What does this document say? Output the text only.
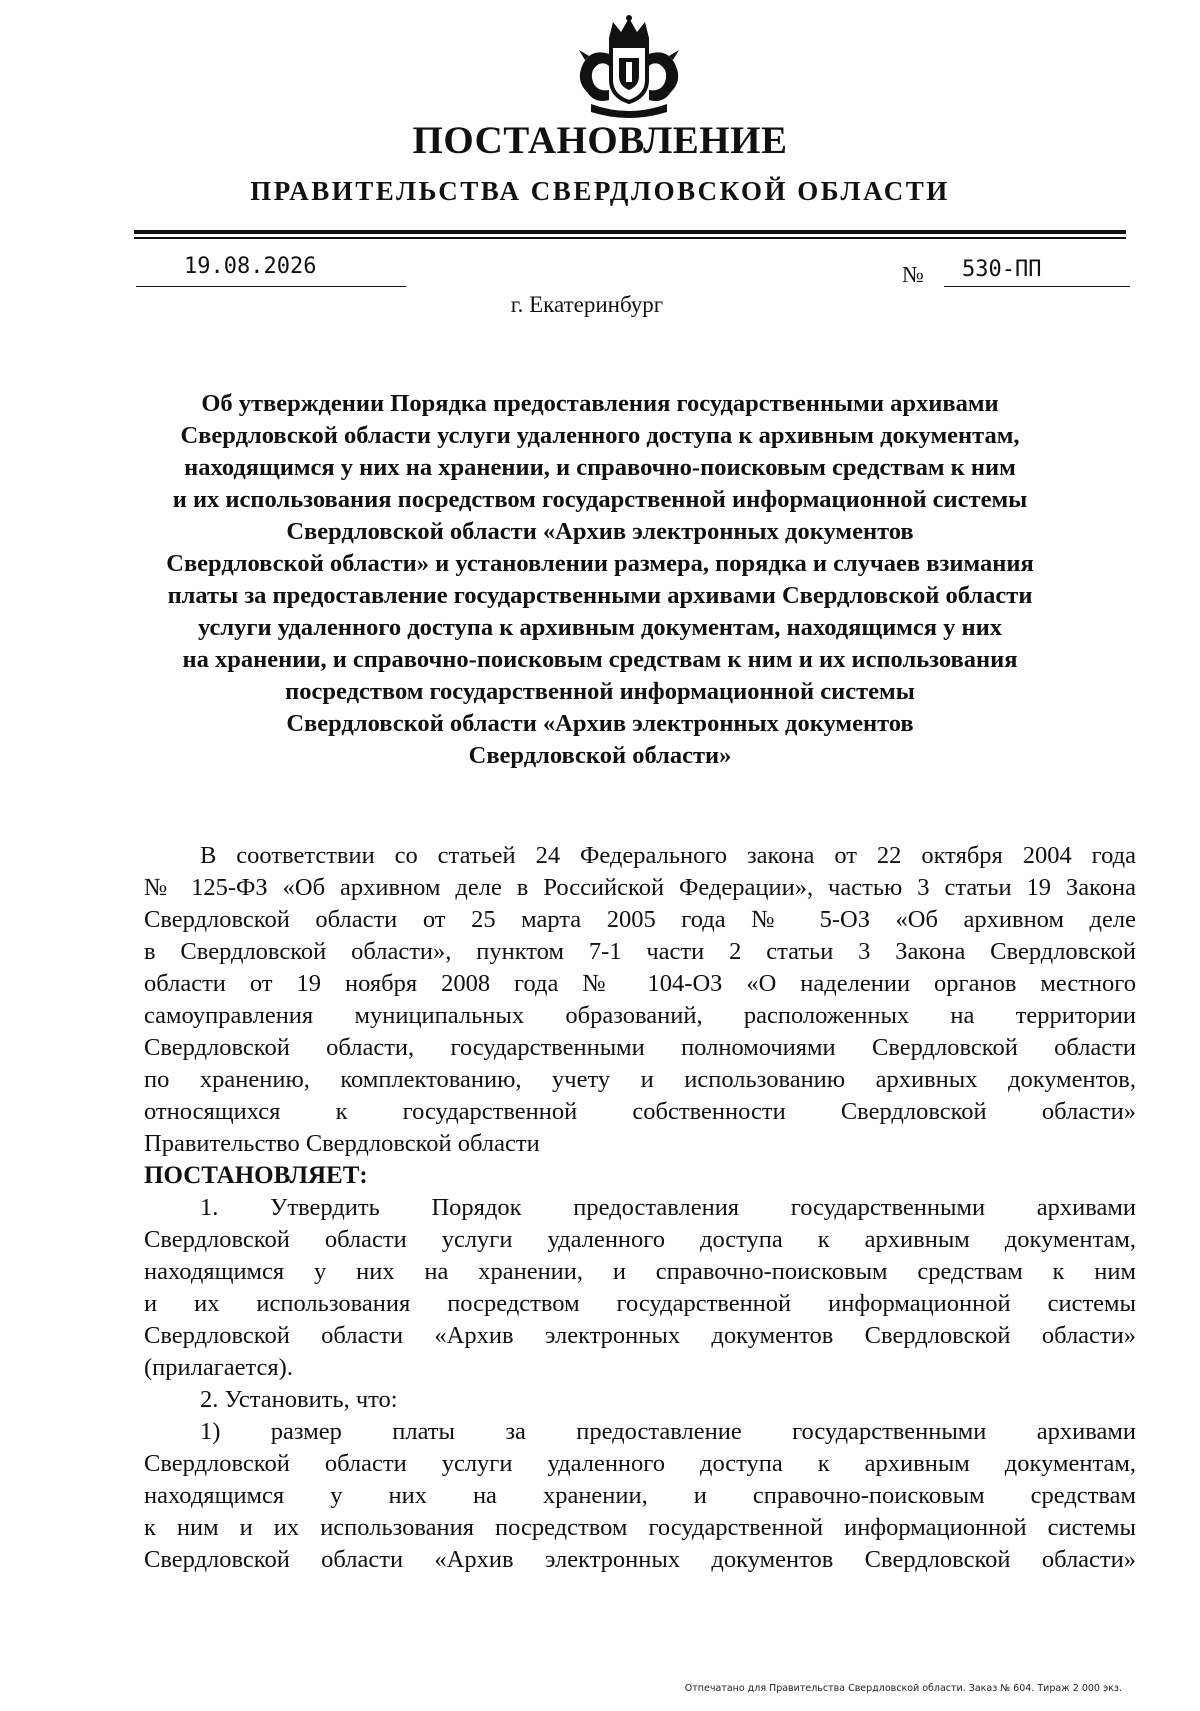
ПОСТАНОВЛЕНИЕ
ПРАВИТЕЛЬСТВА СВЕРДЛОВСКОЙ ОБЛАСТИ
19.08.2026	№ 530-ПП

г. Екатеринбург

Об утверждении Порядка предоставления государственными архивами
Свердловской области услуги удаленного доступа к архивным документам,
находящимся у них на хранении, и справочно-поисковым средствам к ним
и их использования посредством государственной информационной системы
Свердловской области «Архив электронных документов
Свердловской области» и установлении размера, порядка и случаев взимания
платы за предоставление государственными архивами Свердловской области
услуги удаленного доступа к архивным документам, находящимся у них
на хранении, и справочно-поисковым средствам к ним и их использования
посредством государственной информационной системы
Свердловской области «Архив электронных документов
Свердловской области»
В соответствии со статьей 24 Федерального закона от 22 октября 2004 года
№ 125-ФЗ «Об архивном деле в Российской Федерации», частью 3 статьи 19 Закона
Свердловской области от 25 марта 2005 года № 5-ОЗ «Об архивном деле
в Свердловской области», пунктом 7-1 части 2 статьи 3 Закона Свердловской
области от 19 ноября 2008 года № 104-ОЗ «О наделении органов местного
самоуправления муниципальных образований, расположенных на территории
Свердловской области, государственными полномочиями Свердловской области
по хранению, комплектованию, учету и использованию архивных документов,
относящихся к государственной собственности Свердловской области»
Правительство Свердловской области
ПОСТАНОВЛЯЕТ:
1. Утвердить Порядок предоставления государственными архивами
Свердловской области услуги удаленного доступа к архивным документам,
находящимся у них на хранении, и справочно-поисковым средствам к ним
и их использования посредством государственной информационной системы
Свердловской области «Архив электронных документов Свердловской области»
(прилагается).
2. Установить, что:
1) размер платы за предоставление государственными архивами
Свердловской области услуги удаленного доступа к архивным документам,
находящимся у них на хранении, и справочно-поисковым средствам
к ним и их использования посредством государственной информационной системы
Свердловской области «Архив электронных документов Свердловской области»
Отпечатано для Правительства Свердловской области. Заказ № 604. Тираж 2 000 экз.
